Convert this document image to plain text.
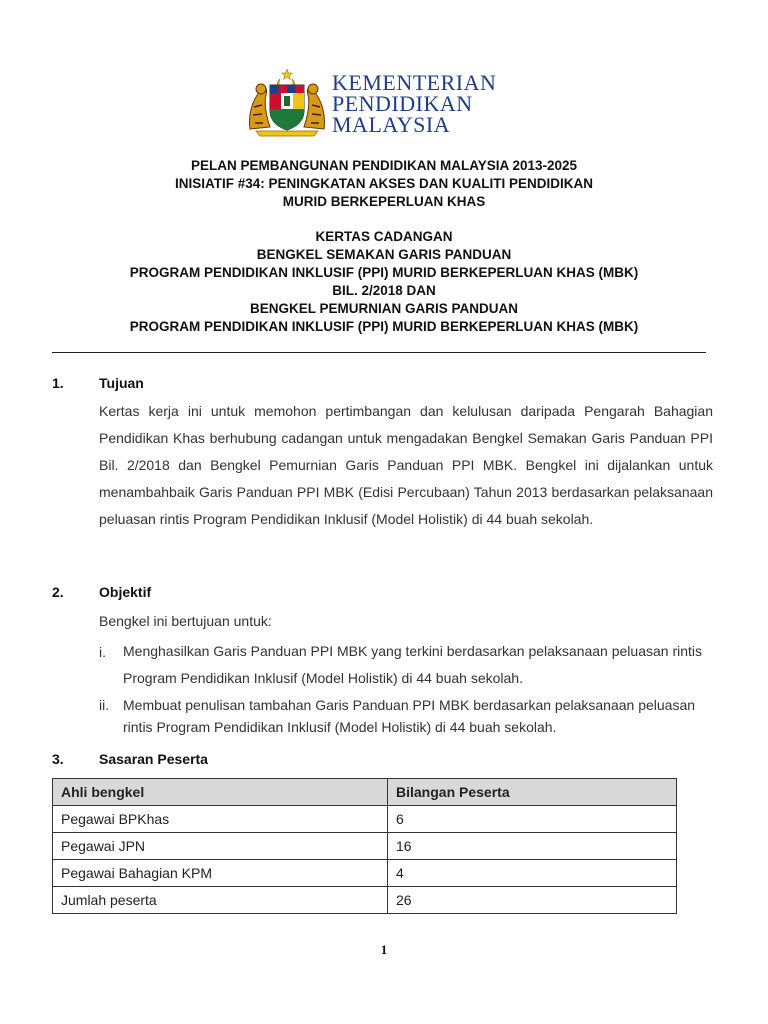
KEMENTERIAN
PENDIDIKAN
MALAYSIA
PELAN PEMBANGUNAN PENDIDIKAN MALAYSIA 2013-2025
INISIATIF #34: PENINGKATAN AKSES DAN KUALITI PENDIDIKAN
MURID BERKEPERLUAN KHAS
KERTAS CADANGAN
BENGKEL SEMAKAN GARIS PANDUAN
PROGRAM PENDIDIKAN INKLUSIF (PPI) MURID BERKEPERLUAN KHAS (MBK)
BIL. 2/2018 DAN
BENGKEL PEMURNIAN GARIS PANDUAN
PROGRAM PENDIDIKAN INKLUSIF (PPI) MURID BERKEPERLUAN KHAS (MBK)
1.	Tujuan
Kertas kerja ini untuk memohon pertimbangan dan kelulusan daripada Pengarah Bahagian Pendidikan Khas berhubung cadangan untuk mengadakan Bengkel Semakan Garis Panduan PPI Bil. 2/2018 dan Bengkel Pemurnian Garis Panduan PPI MBK. Bengkel ini dijalankan untuk menambahbaik Garis Panduan PPI MBK (Edisi Percubaan) Tahun 2013 berdasarkan pelaksanaan peluasan rintis Program Pendidikan Inklusif (Model Holistik) di 44 buah sekolah.
2.	Objektif
Bengkel ini bertujuan untuk:
i. Menghasilkan Garis Panduan PPI MBK yang terkini berdasarkan pelaksanaan peluasan rintis Program Pendidikan Inklusif (Model Holistik) di 44 buah sekolah.
ii. Membuat penulisan tambahan Garis Panduan PPI MBK berdasarkan pelaksanaan peluasan rintis Program Pendidikan Inklusif (Model Holistik) di 44 buah sekolah.
3.	Sasaran Peserta
Ahli bengkel	Bilangan Peserta
Pegawai BPKhas	6
Pegawai JPN	16
Pegawai Bahagian KPM	4
Jumlah peserta	26
1
